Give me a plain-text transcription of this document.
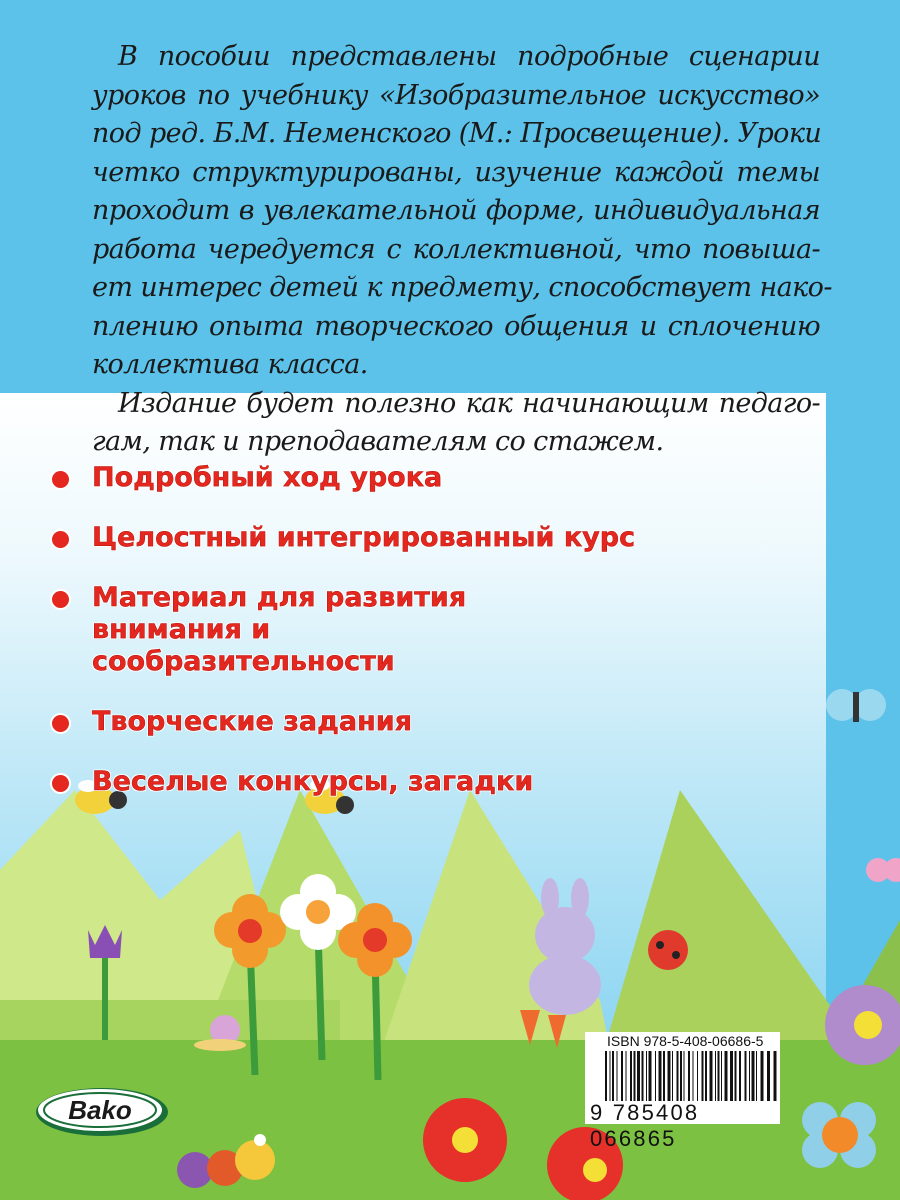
В пособии представлены подробные сценарии
уроков по учебнику «Изобразительное искусство»
под ред. Б.М. Неменского (М.: Просвещение). Уроки
четко структурированы, изучение каждой темы
проходит в увлекательной форме, индивидуальная
работа чередуется с коллективной, что повыша-
ет интерес детей к предмету, способствует нако-
плению опыта творческого общения и сплочению
коллектива класса.
Издание будет полезно как начинающим педаго-
гам, так и преподавателям со стажем.
Подробный ход урока
Целостный интегрированный курс
Материал для развития внимания и сообразительности
Творческие задания
Веселые конкурсы, загадки
Bako
ISBN 978-5-408-06686-5
9 785408 066865
